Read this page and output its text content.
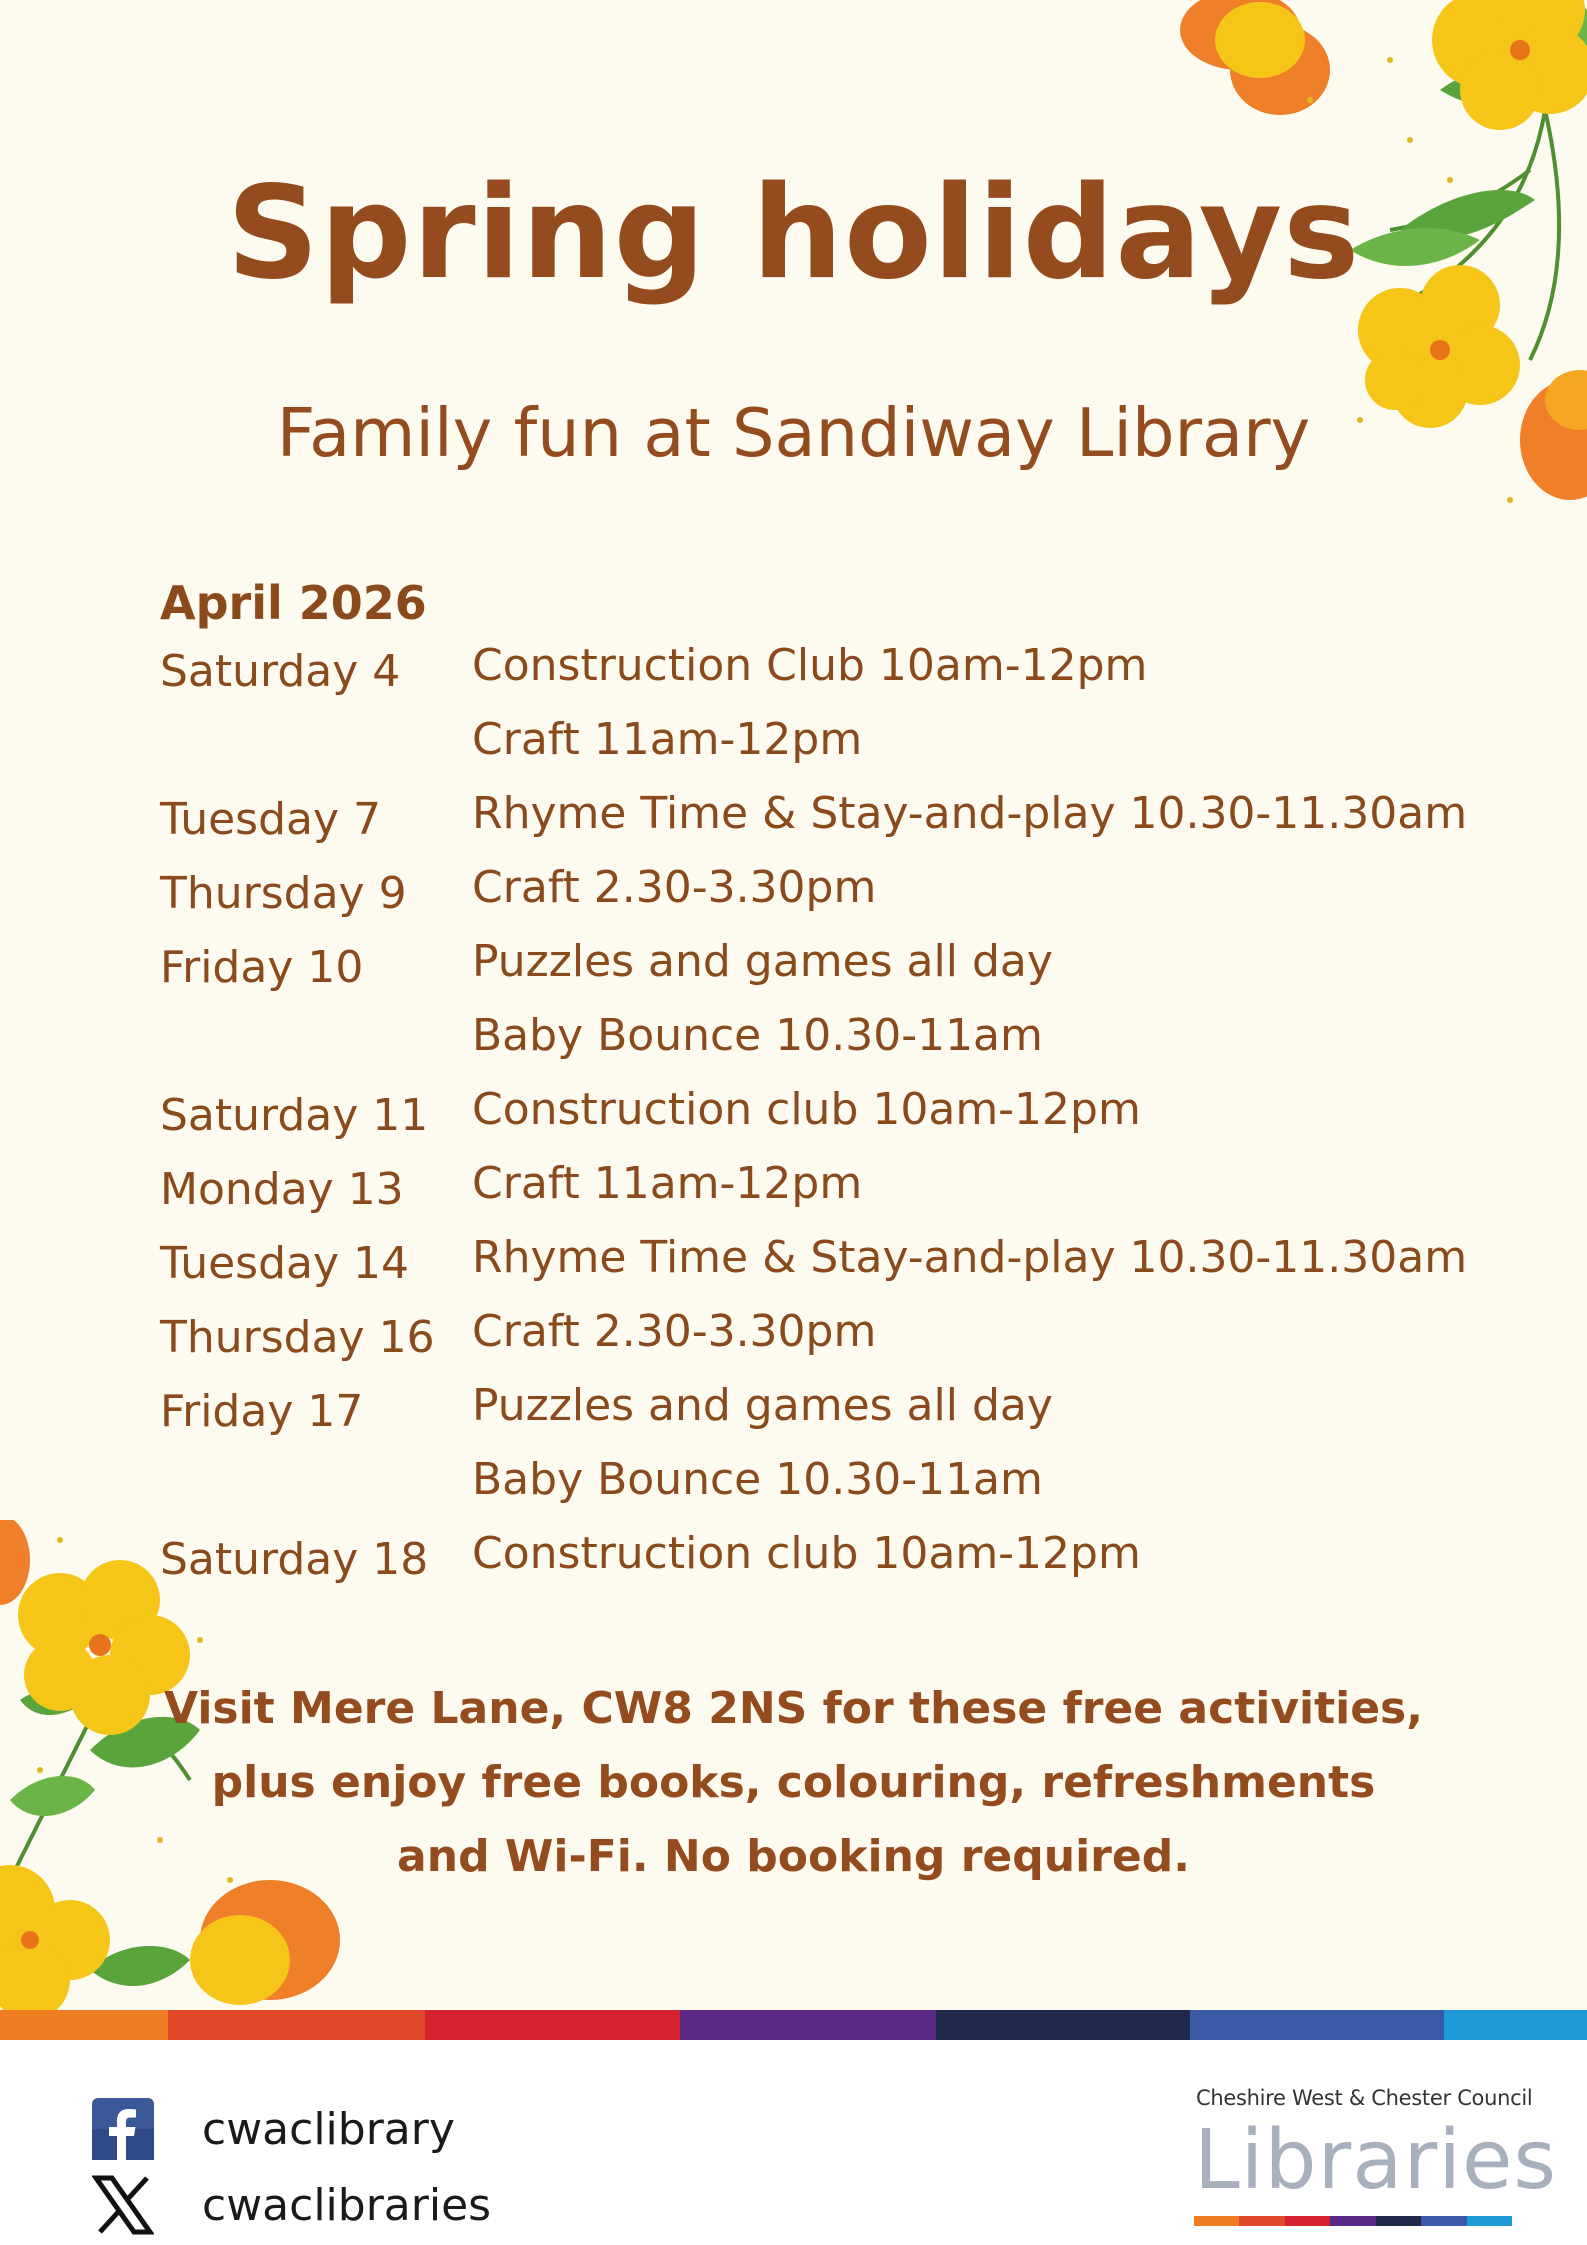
Spring holidays
Family fun at Sandiway Library
April 2026
Saturday 4 Construction Club 10am-12pm
Craft 11am-12pm
Tuesday 7 Rhyme Time & Stay-and-play 10.30-11.30am
Thursday 9 Craft 2.30-3.30pm
Friday 10 Puzzles and games all day
Baby Bounce 10.30-11am
Saturday 11 Construction club 10am-12pm
Monday 13 Craft 11am-12pm
Tuesday 14 Rhyme Time & Stay-and-play 10.30-11.30am
Thursday 16 Craft 2.30-3.30pm
Friday 17 Puzzles and games all day
Baby Bounce 10.30-11am
Saturday 18 Construction club 10am-12pm
Visit Mere Lane, CW8 2NS for these free activities,
plus enjoy free books, colouring, refreshments
and Wi-Fi. No booking required.
cwaclibrary
cwaclibraries
Cheshire West & Chester Council
Libraries
